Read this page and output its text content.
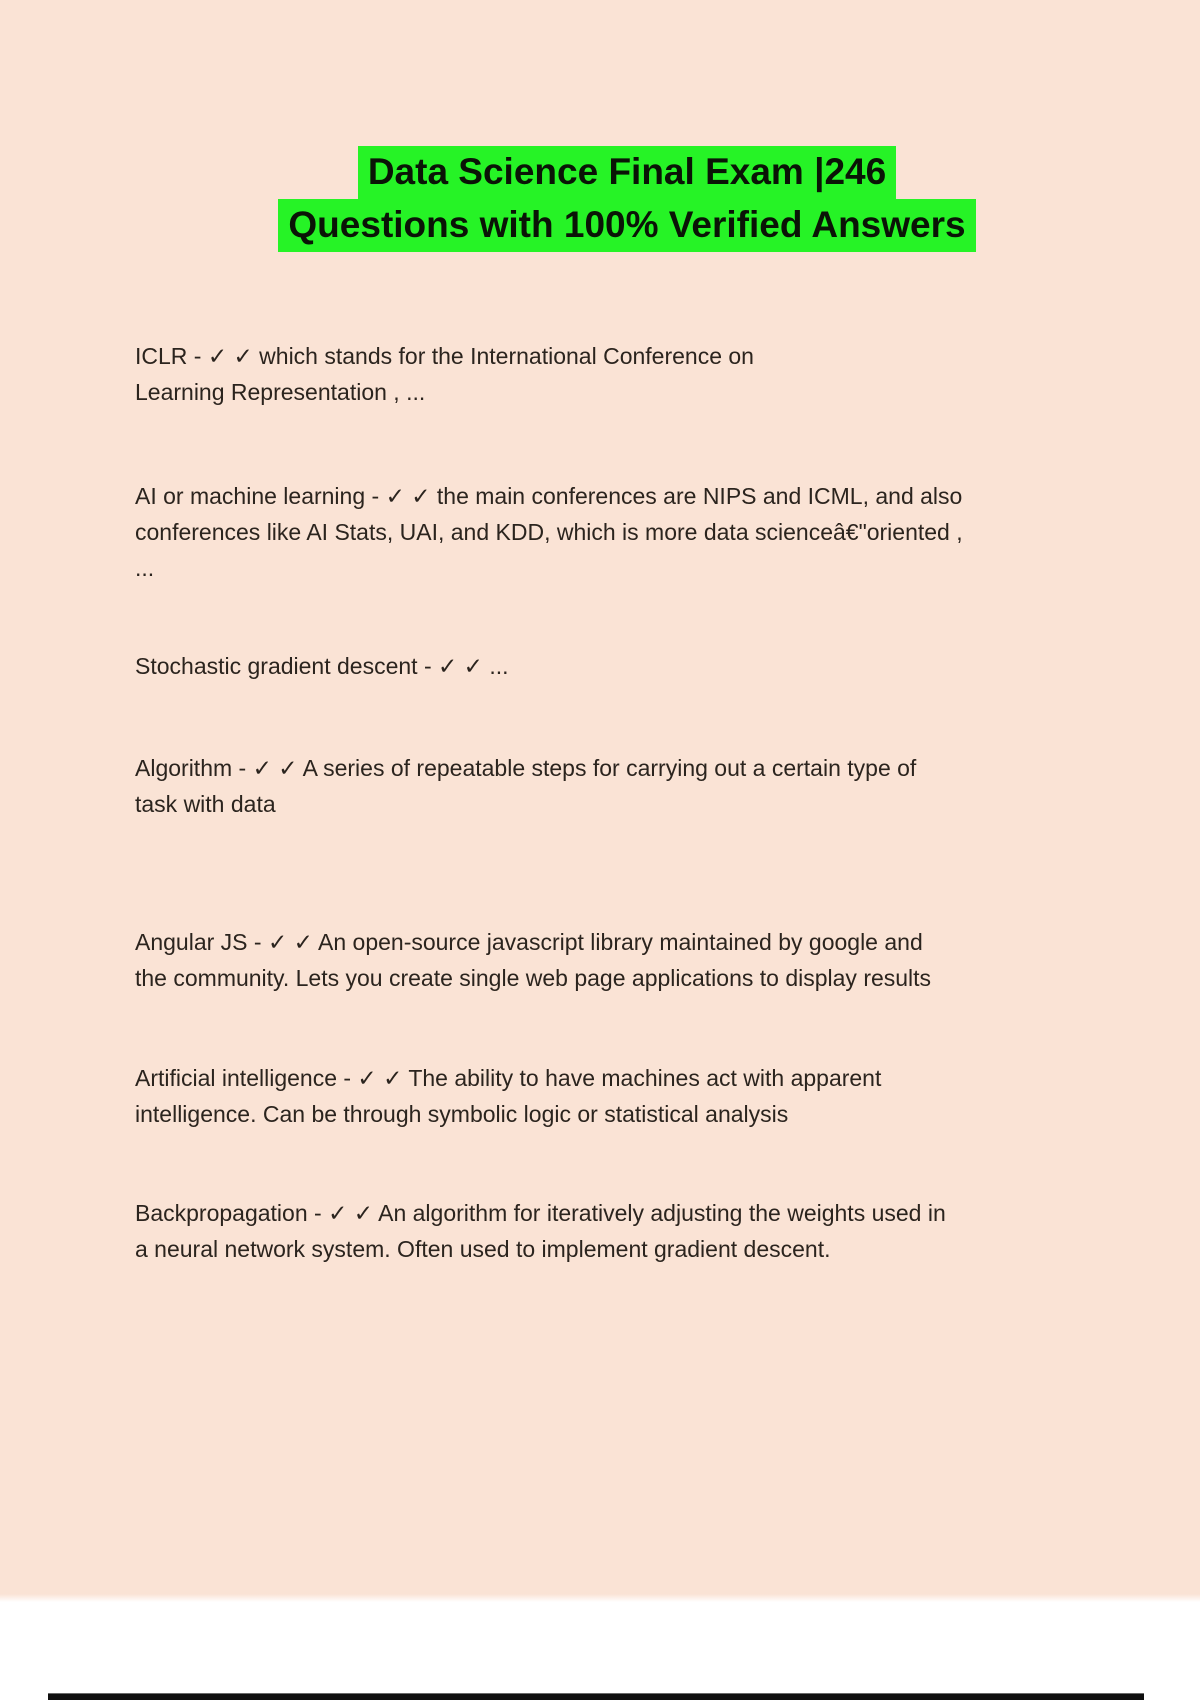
Data Science Final Exam |246
Questions with 100% Verified Answers
ICLR - ✓ ✓ which stands for the International Conference on
Learning Representation , ...
AI or machine learning - ✓ ✓ the main conferences are NIPS and ICML, and also
conferences like AI Stats, UAI, and KDD, which is more data scienceâ€"oriented ,
...
Stochastic gradient descent - ✓ ✓ ...
Algorithm - ✓ ✓ A series of repeatable steps for carrying out a certain type of
task with data
Angular JS - ✓ ✓ An open-source javascript library maintained by google and
the community. Lets you create single web page applications to display results
Artificial intelligence - ✓ ✓ The ability to have machines act with apparent
intelligence. Can be through symbolic logic or statistical analysis
Backpropagation - ✓ ✓ An algorithm for iteratively adjusting the weights used in
a neural network system. Often used to implement gradient descent.
